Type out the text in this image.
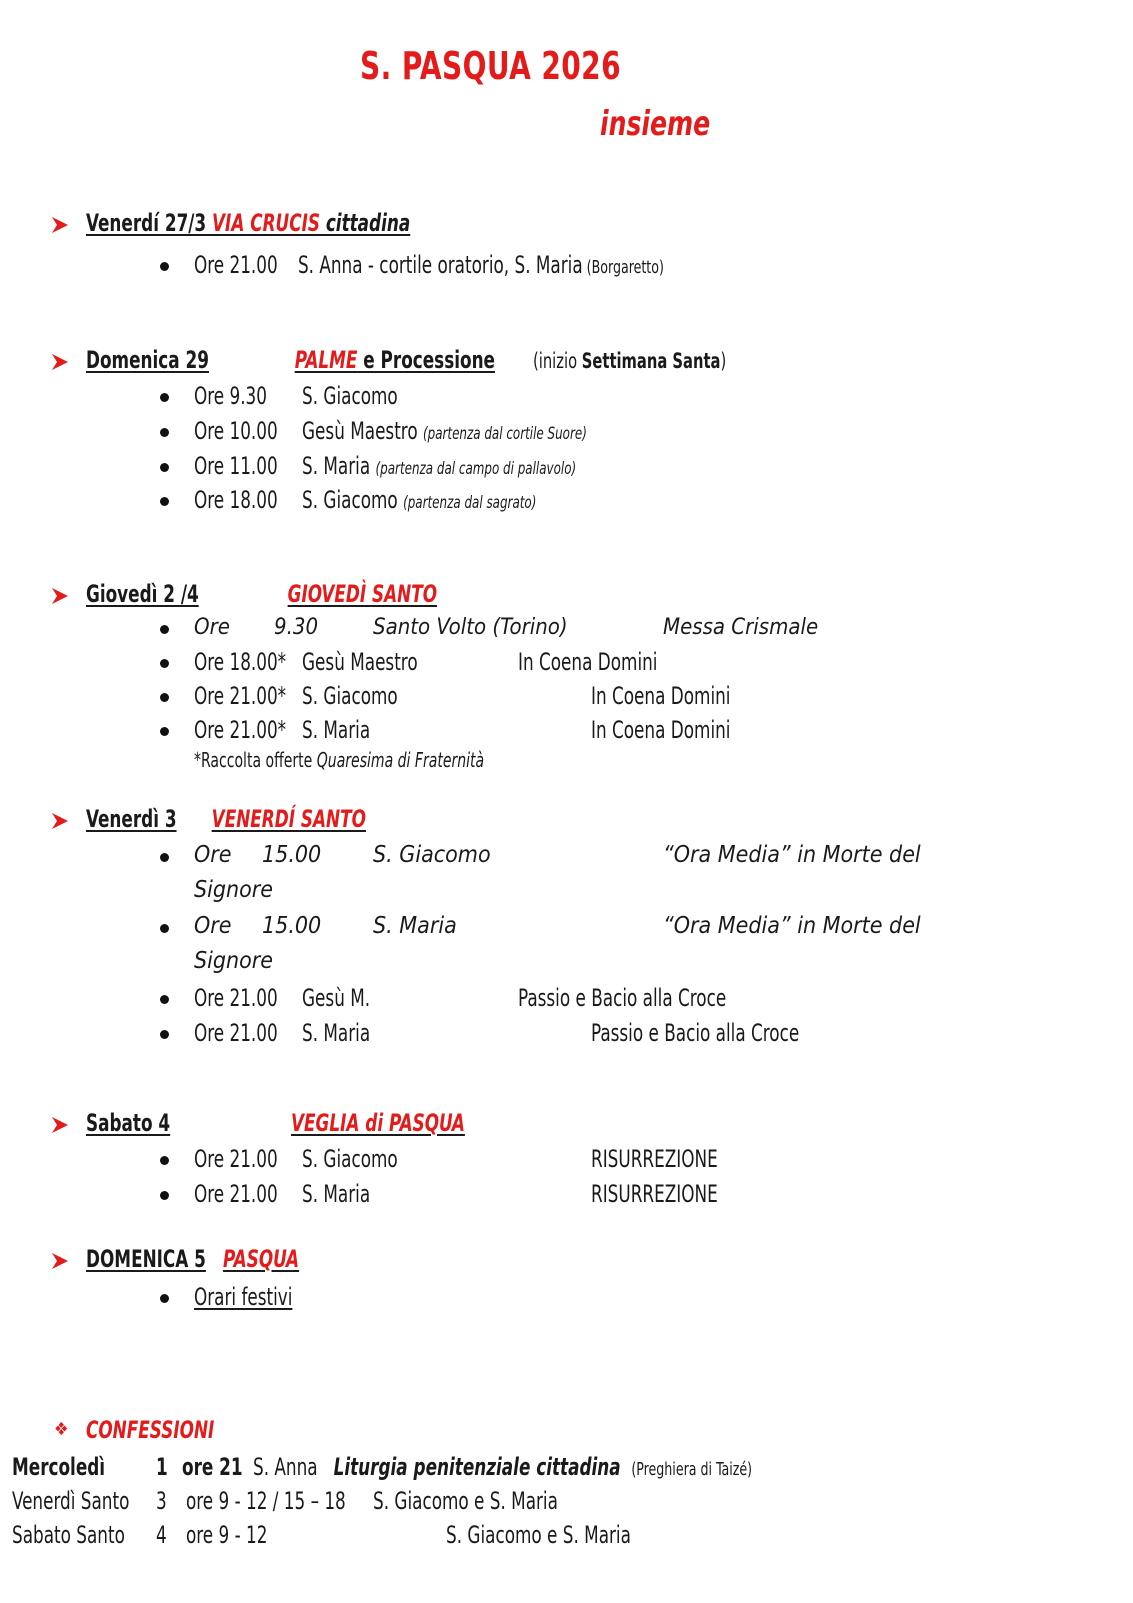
S. PASQUA 2026
insieme
Venerdí 27/3 VIA CRUCIS cittadina
Ore 21.00 S. Anna - cortile oratorio, S. Maria (Borgaretto)
Domenica 29	PALME e Processione (inizio Settimana Santa)
Ore 9.30 S. Giacomo
Ore 10.00 Gesù Maestro (partenza dal cortile Suore)
Ore 11.00 S. Maria (partenza dal campo di pallavolo)
Ore 18.00 S. Giacomo (partenza dal sagrato)
Giovedì 2 /4	GIOVEDÌ SANTO
Ore 9.30 Santo Volto (Torino)	Messa Crismale
Ore 18.00* Gesù Maestro	In Coena Domini
Ore 21.00* S. Giacomo	In Coena Domini
Ore 21.00* S. Maria	In Coena Domini
*Raccolta offerte Quaresima di Fraternità
Venerdì 3 VENERDÍ SANTO
Ore 15.00 S. Giacomo	“Ora Media” in Morte del
Signore
Ore 15.00 S. Maria	“Ora Media” in Morte del
Signore
Ore 21.00 Gesù M.	Passio e Bacio alla Croce
Ore 21.00 S. Maria	Passio e Bacio alla Croce
Sabato 4	VEGLIA di PASQUA
Ore 21.00 S. Giacomo	RISURREZIONE
Ore 21.00 S. Maria	RISURREZIONE
DOMENICA 5 PASQUA
Orari festivi
❖ CONFESSIONI
Mercoledì 1 ore 21 S. Anna Liturgia penitenziale cittadina (Preghiera di Taizé)
Venerdì Santo 3 ore 9 - 12 / 15 – 18 S. Giacomo e S. Maria
Sabato Santo 4 ore 9 - 12	S. Giacomo e S. Maria
